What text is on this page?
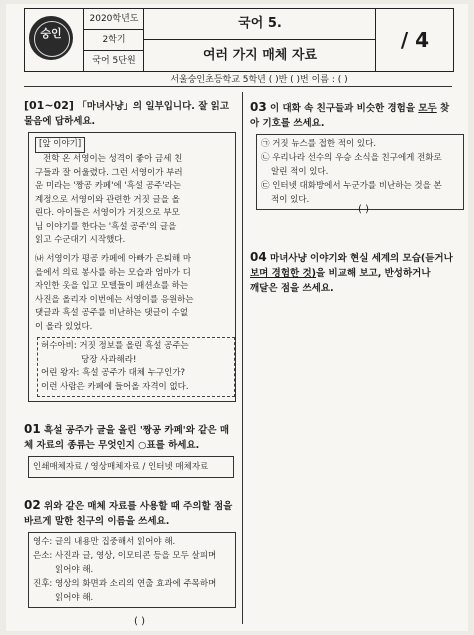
숭인
2020학년도
2학기
국어 5단원
국어 5.
여러 가지 매체 자료
/ 4
서울숭인초등학교 5학년 ( )반 ( )번 이름 : ( )
[01~02] 「마녀사냥」의 일부입니다. 잘 읽고
물음에 답하세요.
[앞 이야기]
전학 온 서영이는 성격이 좋아 금세 친
구들과 잘 어울렸다. 그런 서영이가 부러
운 미라는 '짱공 카페'에 '흑설 공주'라는
계정으로 서영이와 관련한 거짓 글을 올
린다. 아이들은 서영이가 거짓으로 부모
님 이야기를 한다는 '흑설 공주'의 글을
읽고 수군대기 시작했다.
㈏ 서영이가 평공 카페에 아빠가 은퇴해 마
을에서 의료 봉사를 하는 모습과 엄마가 디
자인한 옷을 입고 모델들이 패션쇼를 하는
사진을 올리자 이번에는 서영이를 응원하는
댓글과 흑설 공주를 비난하는 댓글이 수없
이 올라 있었다.
허수아비: 거짓 정보를 올린 흑설 공주는
당장 사과해라!
어린 왕자: 흑설 공주가 대체 누구인가?
이런 사람은 카페에 들어올 자격이 없다.
01 흑설 공주가 글을 올린 '짱공 카페'와 같은 매
체 자료의 종류는 무엇인지 ○표를 하세요.
인쇄매체자료 / 영상매체자료 / 인터넷 매체자료
02 위와 같은 매체 자료를 사용할 때 주의할 점을
바르게 말한 친구의 이름을 쓰세요.
영수: 글의 내용만 집중해서 읽어야 해.
은소: 사진과 글, 영상, 이모티콘 등을 모두 살피며
읽어야 해.
진후: 영상의 화면과 소리의 연출 효과에 주목하며
읽어야 해.
( )
03 이 대화 속 친구들과 비슷한 경험을 모두 찾
아 기호를 쓰세요.
㉠ 거짓 뉴스를 접한 적이 있다.
㉡ 우리나라 선수의 우승 소식을 친구에게 전화로
알린 적이 있다.
㉢ 인터넷 대화방에서 누군가를 비난하는 것을 본
적이 있다.
( )
04 마녀사냥 이야기와 현실 세계의 모습(듣거나
보며 경험한 것)을 비교해 보고, 반성하거나
깨달은 점을 쓰세요.
